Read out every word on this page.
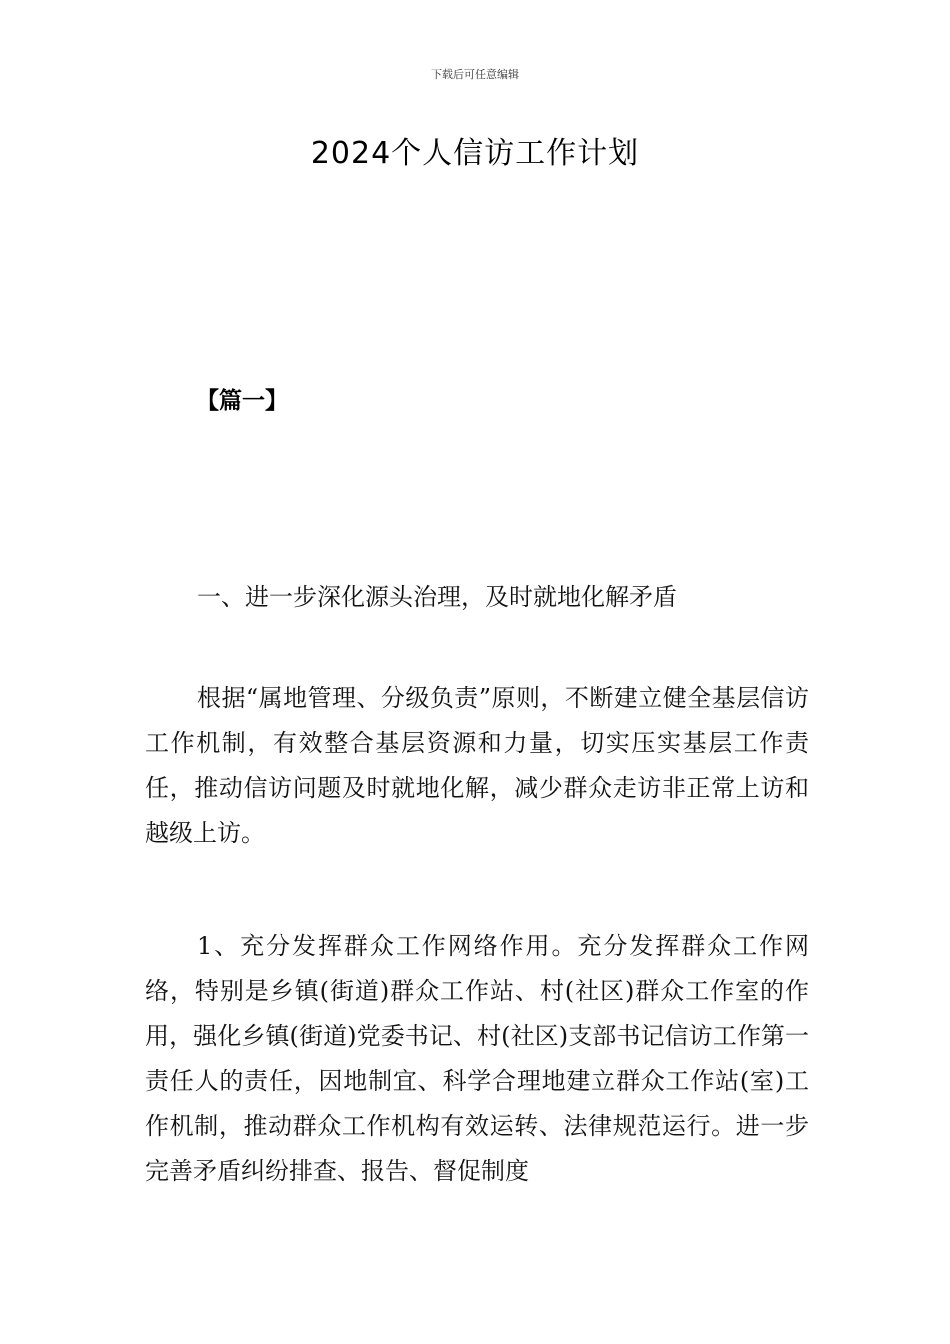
下载后可任意编辑
2024个人信访工作计划
【篇一】

一、进一步深化源头治理，及时就地化解矛盾

根据“属地管理、分级负责”原则，不断建立健全基层信访工作机制，有效整合基层资源和力量，切实压实基层工作责任，推动信访问题及时就地化解，减少群众走访非正常上访和越级上访。

1、充分发挥群众工作网络作用。充分发挥群众工作网络，特别是乡镇(街道)群众工作站、村(社区)群众工作室的作用，强化乡镇(街道)党委书记、村(社区)支部书记信访工作第一责任人的责任，因地制宜、科学合理地建立群众工作站(室)工作机制，推动群众工作机构有效运转、法律规范运行。进一步完善矛盾纠纷排查、报告、督促制度
